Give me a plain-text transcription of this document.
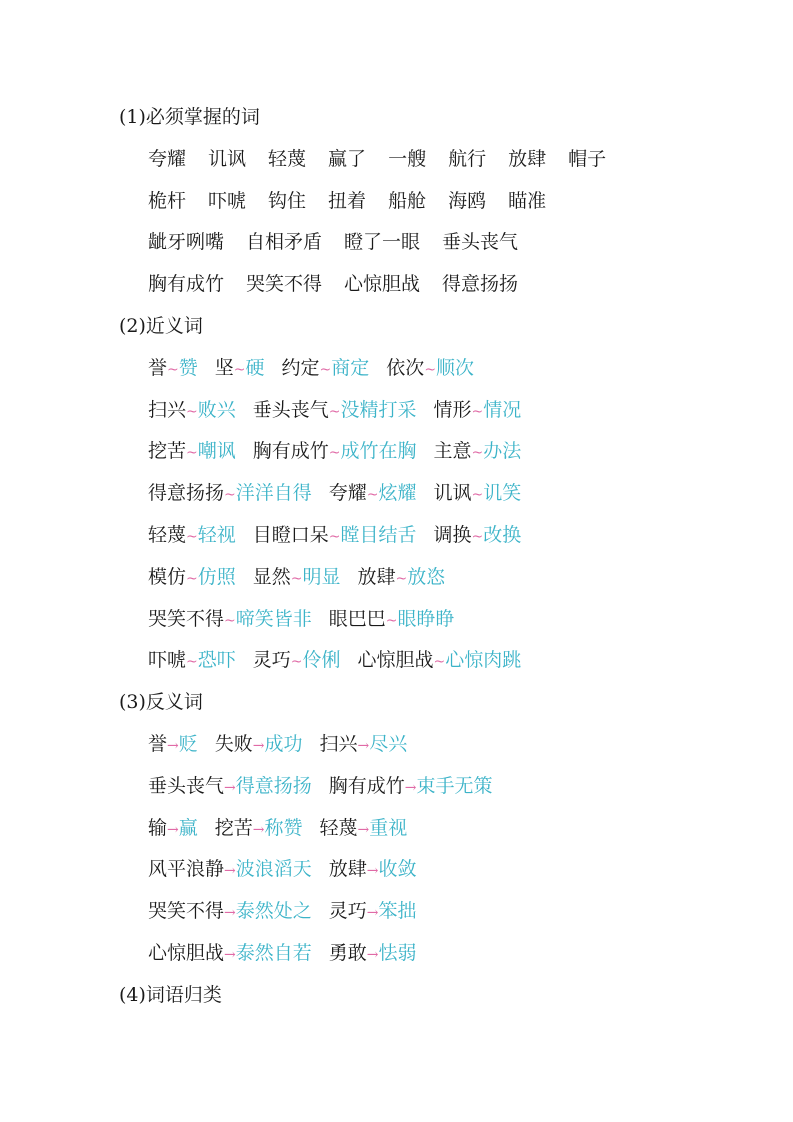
(1)必须掌握的词
夸耀 讥讽 轻蔑 赢了 一艘 航行 放肆 帽子
桅杆 吓唬 钩住 扭着 船舱 海鸥 瞄准
龇牙咧嘴 自相矛盾 瞪了一眼 垂头丧气
胸有成竹 哭笑不得 心惊胆战 得意扬扬
(2)近义词
誉~赞 坚~硬 约定~商定 依次~顺次
扫兴~败兴 垂头丧气~没精打采 情形~情况
挖苦~嘲讽 胸有成竹~成竹在胸 主意~办法
得意扬扬~洋洋自得 夸耀~炫耀 讥讽~讥笑
轻蔑~轻视 目瞪口呆~瞠目结舌 调换~改换
模仿~仿照 显然~明显 放肆~放恣
哭笑不得~啼笑皆非 眼巴巴~眼睁睁
吓唬~恐吓 灵巧~伶俐 心惊胆战~心惊肉跳
(3)反义词
誉→贬 失败→成功 扫兴→尽兴
垂头丧气→得意扬扬 胸有成竹→束手无策
输→赢 挖苦→称赞 轻蔑→重视
风平浪静→波浪滔天 放肆→收敛
哭笑不得→泰然处之 灵巧→笨拙
心惊胆战→泰然自若 勇敢→怯弱
(4)词语归类
